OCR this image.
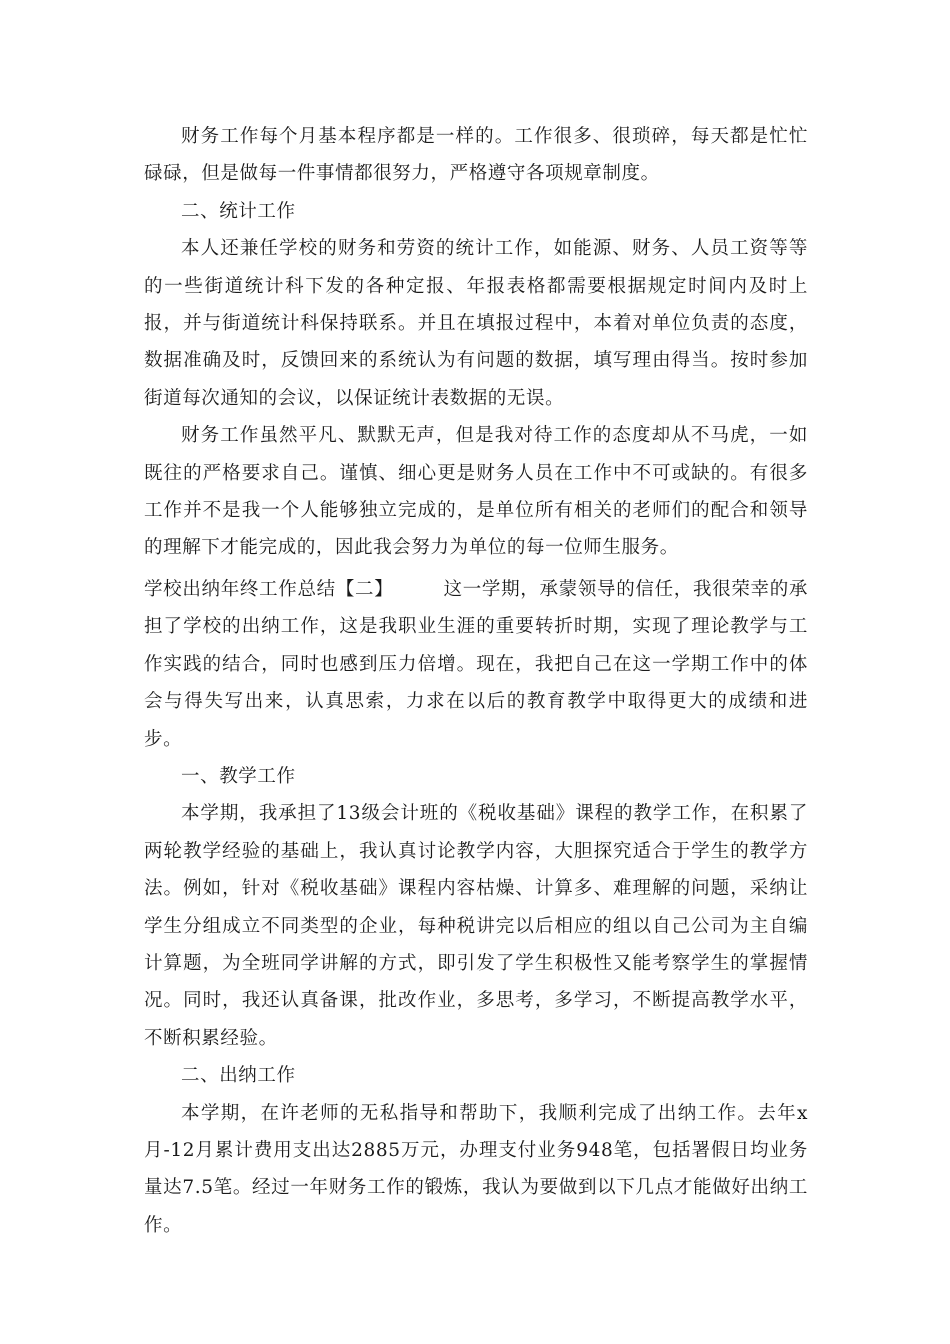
财务工作每个月基本程序都是一样的。工作很多、很琐碎，每天都是忙忙碌碌，但是做每一件事情都很努力，严格遵守各项规章制度。

二、统计工作

本人还兼任学校的财务和劳资的统计工作，如能源、财务、人员工资等等的一些街道统计科下发的各种定报、年报表格都需要根据规定时间内及时上报，并与街道统计科保持联系。并且在填报过程中，本着对单位负责的态度，数据准确及时，反馈回来的系统认为有问题的数据，填写理由得当。按时参加街道每次通知的会议，以保证统计表数据的无误。

财务工作虽然平凡、默默无声，但是我对待工作的态度却从不马虎，一如既往的严格要求自己。谨慎、细心更是财务人员在工作中不可或缺的。有很多工作并不是我一个人能够独立完成的，是单位所有相关的老师们的配合和领导的理解下才能完成的，因此我会努力为单位的每一位师生服务。

学校出纳年终工作总结【二】	这一学期，承蒙领导的信任，我很荣幸的承担了学校的出纳工作，这是我职业生涯的重要转折时期，实现了理论教学与工作实践的结合，同时也感到压力倍增。现在，我把自己在这一学期工作中的体会与得失写出来，认真思索，力求在以后的教育教学中取得更大的成绩和进步。

一、教学工作

本学期，我承担了13级会计班的《税收基础》课程的教学工作，在积累了两轮教学经验的基础上，我认真讨论教学内容，大胆探究适合于学生的教学方法。例如，针对《税收基础》课程内容枯燥、计算多、难理解的问题，采纳让学生分组成立不同类型的企业，每种税讲完以后相应的组以自己公司为主自编计算题，为全班同学讲解的方式，即引发了学生积极性又能考察学生的掌握情况。同时，我还认真备课，批改作业，多思考，多学习，不断提高教学水平，不断积累经验。

二、出纳工作

本学期，在许老师的无私指导和帮助下，我顺利完成了出纳工作。去年x月-12月累计费用支出达2885万元，办理支付业务948笔，包括署假日均业务量达7.5笔。经过一年财务工作的锻炼，我认为要做到以下几点才能做好出纳工作。
